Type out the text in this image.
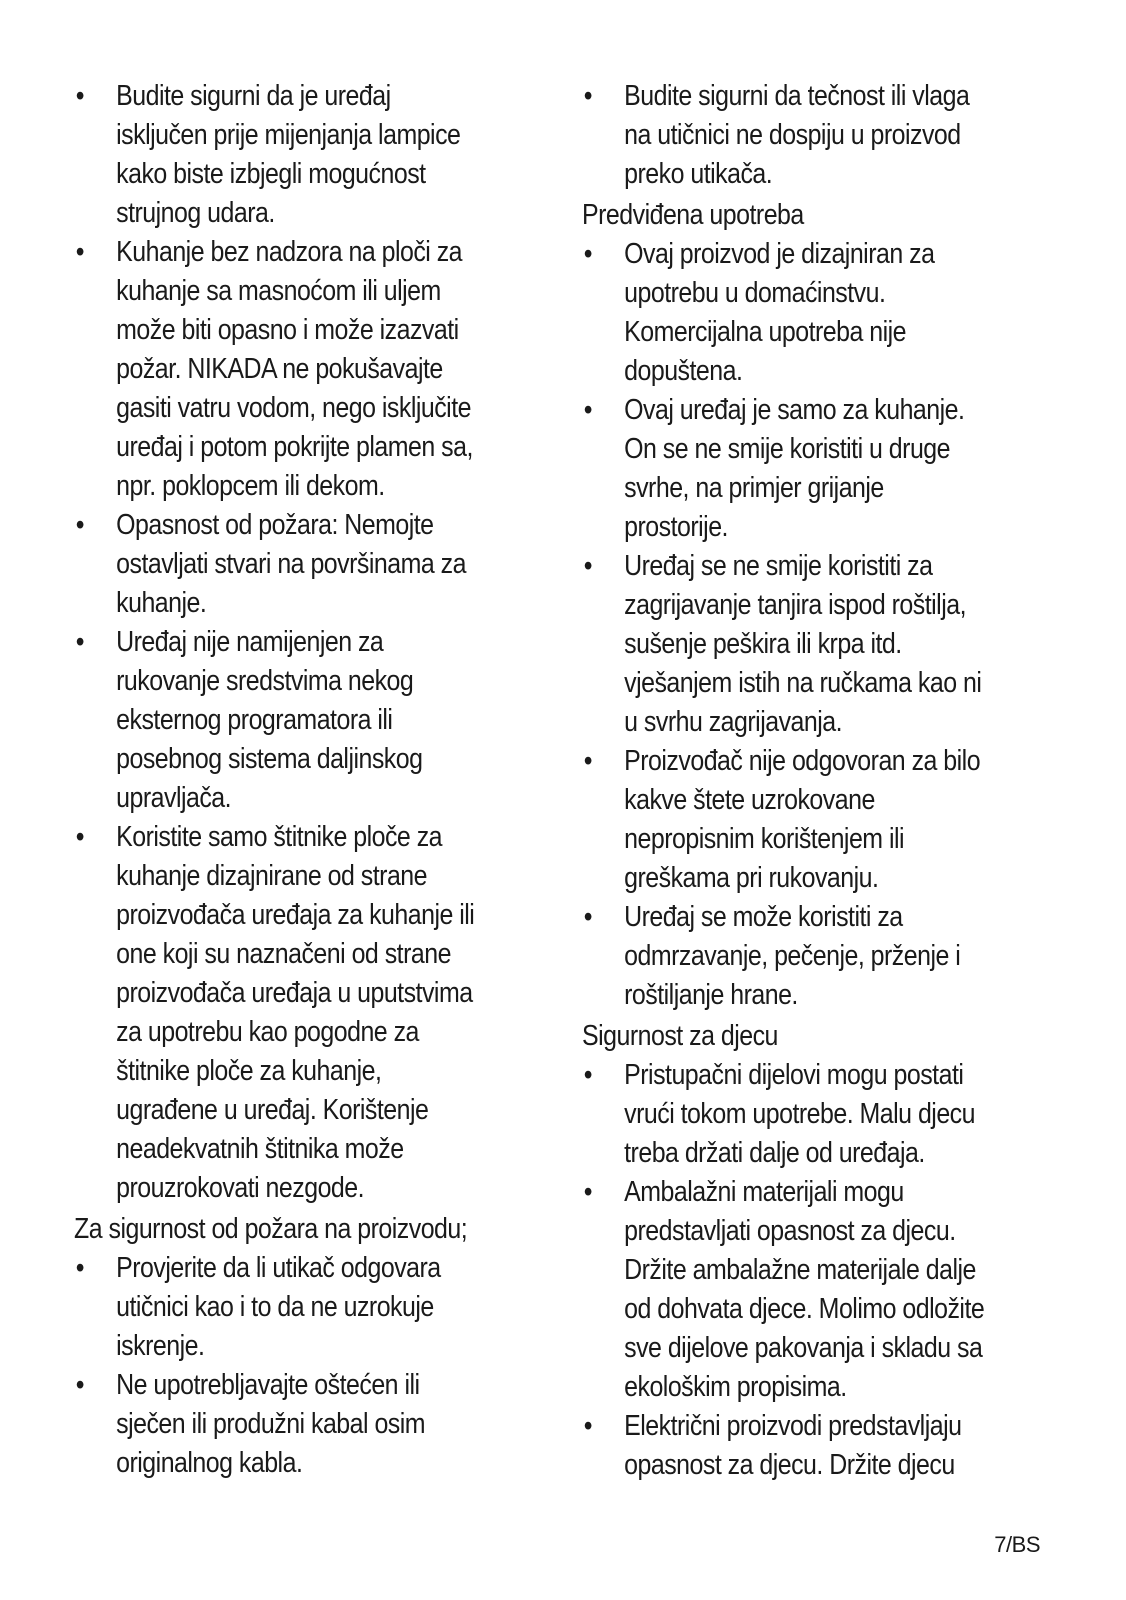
• Budite sigurni da je uređaj
isključen prije mijenjanja lampice
kako biste izbjegli mogućnost
strujnog udara.
• Kuhanje bez nadzora na ploči za
kuhanje sa masnoćom ili uljem
može biti opasno i može izazvati
požar. NIKADA ne pokušavajte
gasiti vatru vodom, nego isključite
uređaj i potom pokrijte plamen sa,
npr. poklopcem ili dekom.
• Opasnost od požara: Nemojte
ostavljati stvari na površinama za
kuhanje.
• Uređaj nije namijenjen za
rukovanje sredstvima nekog
eksternog programatora ili
posebnog sistema daljinskog
upravljača.
• Koristite samo štitnike ploče za
kuhanje dizajnirane od strane
proizvođača uređaja za kuhanje ili
one koji su naznačeni od strane
proizvođača uređaja u uputstvima
za upotrebu kao pogodne za
štitnike ploče za kuhanje,
ugrađene u uređaj. Korištenje
neadekvatnih štitnika može
prouzrokovati nezgode.

Za sigurnost od požara na proizvodu;

• Provjerite da li utikač odgovara
utičnici kao i to da ne uzrokuje
iskrenje.
• Ne upotrebljavajte oštećen ili
sječen ili produžni kabal osim
originalnog kabla.
• Budite sigurni da tečnost ili vlaga
na utičnici ne dospiju u proizvod
preko utikača.
Predviđena upotreba
• Ovaj proizvod je dizajniran za
upotrebu u domaćinstvu.
Komercijalna upotreba nije
dopuštena.
• Ovaj uređaj je samo za kuhanje.
On se ne smije koristiti u druge
svrhe, na primjer grijanje
prostorije.
• Uređaj se ne smije koristiti za
zagrijavanje tanjira ispod roštilja,
sušenje peškira ili krpa itd.
vješanjem istih na ručkama kao ni
u svrhu zagrijavanja.
• Proizvođač nije odgovoran za bilo
kakve štete uzrokovane
nepropisnim korištenjem ili
greškama pri rukovanju.
• Uređaj se može koristiti za
odmrzavanje, pečenje, prženje i
roštiljanje hrane.
Sigurnost za djecu
• Pristupačni dijelovi mogu postati
vrući tokom upotrebe. Malu djecu
treba držati dalje od uređaja.
• Ambalažni materijali mogu
predstavljati opasnost za djecu.
Držite ambalažne materijale dalje
od dohvata djece. Molimo odložite
sve dijelove pakovanja i skladu sa
ekološkim propisima.
• Električni proizvodi predstavljaju
opasnost za djecu. Držite djecu
7/BS
